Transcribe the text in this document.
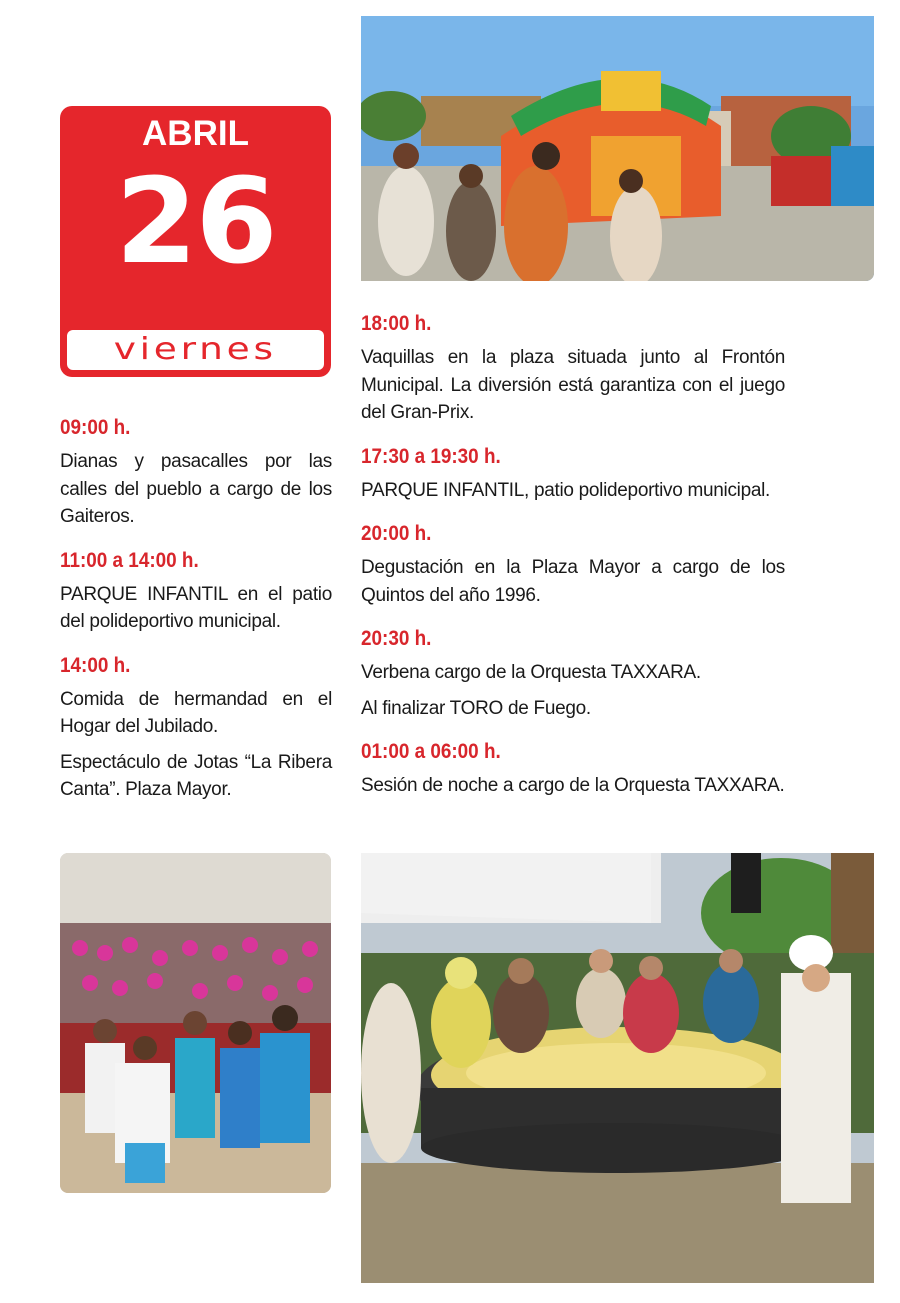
ABRIL
26
viernes
09:00 h.

Dianas y pasacalles por las calles del pueblo a cargo de los Gaiteros.

11:00 a 14:00 h.

PARQUE INFANTIL en el patio del polideportivo municipal.

14:00 h.

Comida de hermandad en el Hogar del Jubilado.

Espectáculo de Jotas “La Ribera Canta”. Plaza Mayor.

18:00 h.

Vaquillas en la plaza situada junto al Frontón Municipal. La diversión está garantiza con el juego del Gran-Prix.

17:30 a 19:30 h.

PARQUE INFANTIL, patio polideportivo municipal.

20:00 h.

Degustación en la Plaza Mayor a cargo de los Quintos del año 1996.

20:30 h.

Verbena cargo de la Orquesta TAXXARA.

Al finalizar TORO de Fuego.

01:00 a 06:00 h.

Sesión de noche a cargo de la Orquesta TAXXARA.
